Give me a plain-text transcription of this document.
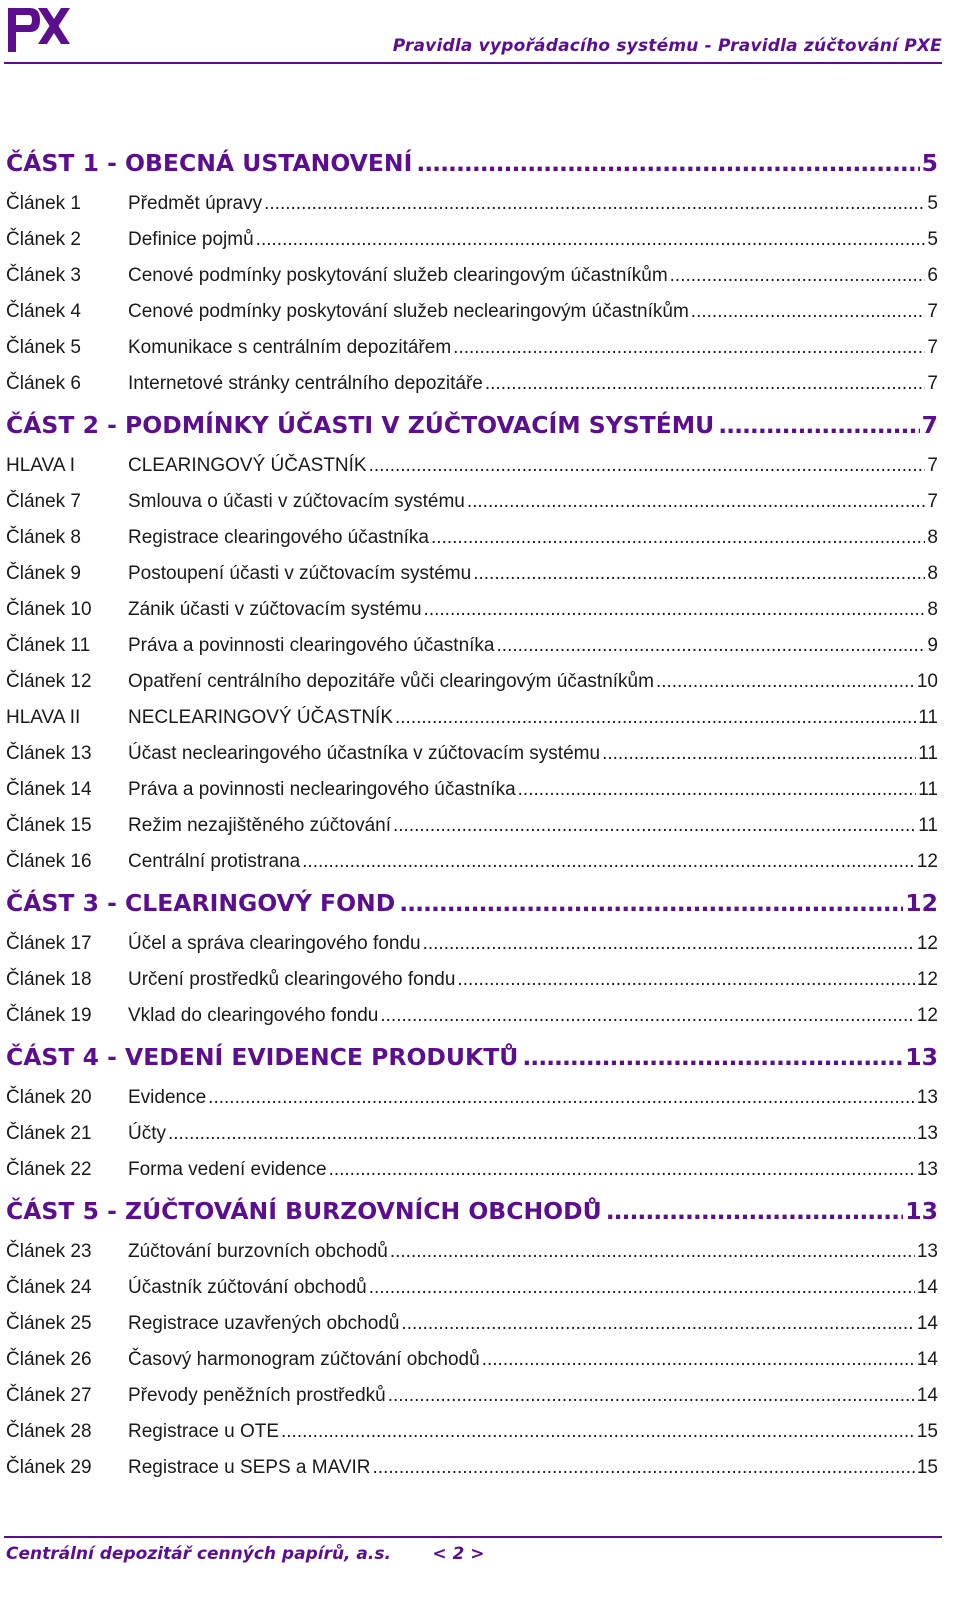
Pravidla vypořádacího systému - Pravidla zúčtování PXE
ČÁST 1 - OBECNÁ USTANOVENÍ .....	5
Článek 1	Předmět úpravy .....	5
Článek 2	Definice pojmů .....	5
Článek 3	Cenové podmínky poskytování služeb clearingovým účastníkům .....	6
Článek 4	Cenové podmínky poskytování služeb neclearingovým účastníkům .....	7
Článek 5	Komunikace s centrálním depozitářem .....	7
Článek 6	Internetové stránky centrálního depozitáře .....	7
ČÁST 2 - PODMÍNKY ÚČASTI V ZÚČTOVACÍM SYSTÉMU .....	7
HLAVA I	CLEARINGOVÝ ÚČASTNÍK .....	7
Článek 7	Smlouva o účasti v zúčtovacím systému .....	7
Článek 8	Registrace clearingového účastníka .....	8
Článek 9	Postoupení účasti v zúčtovacím systému .....	8
Článek 10	Zánik účasti v zúčtovacím systému .....	8
Článek 11	Práva a povinnosti clearingového účastníka .....	9
Článek 12	Opatření centrálního depozitáře vůči clearingovým účastníkům .....	10
HLAVA II	NECLEARINGOVÝ ÚČASTNÍK .....	11
Článek 13	Účast neclearingového účastníka v zúčtovacím systému .....	11
Článek 14	Práva a povinnosti neclearingového účastníka .....	11
Článek 15	Režim nezajištěného zúčtování .....	11
Článek 16	Centrální protistrana .....	12
ČÁST 3 - CLEARINGOVÝ FOND .....	12
Článek 17	Účel a správa clearingového fondu .....	12
Článek 18	Určení prostředků clearingového fondu .....	12
Článek 19	Vklad do clearingového fondu .....	12
ČÁST 4 - VEDENÍ EVIDENCE PRODUKTŮ .....	13
Článek 20	Evidence .....	13
Článek 21	Účty .....	13
Článek 22	Forma vedení evidence .....	13
ČÁST 5 - ZÚČTOVÁNÍ BURZOVNÍCH OBCHODŮ .....	13
Článek 23	Zúčtování burzovních obchodů .....	13
Článek 24	Účastník zúčtování obchodů .....	14
Článek 25	Registrace uzavřených obchodů .....	14
Článek 26	Časový harmonogram zúčtování obchodů .....	14
Článek 27	Převody peněžních prostředků .....	14
Článek 28	Registrace u OTE .....	15
Článek 29	Registrace u SEPS a MAVIR .....	15
Centrální depozitář cenných papírů, a.s. < 2 >
